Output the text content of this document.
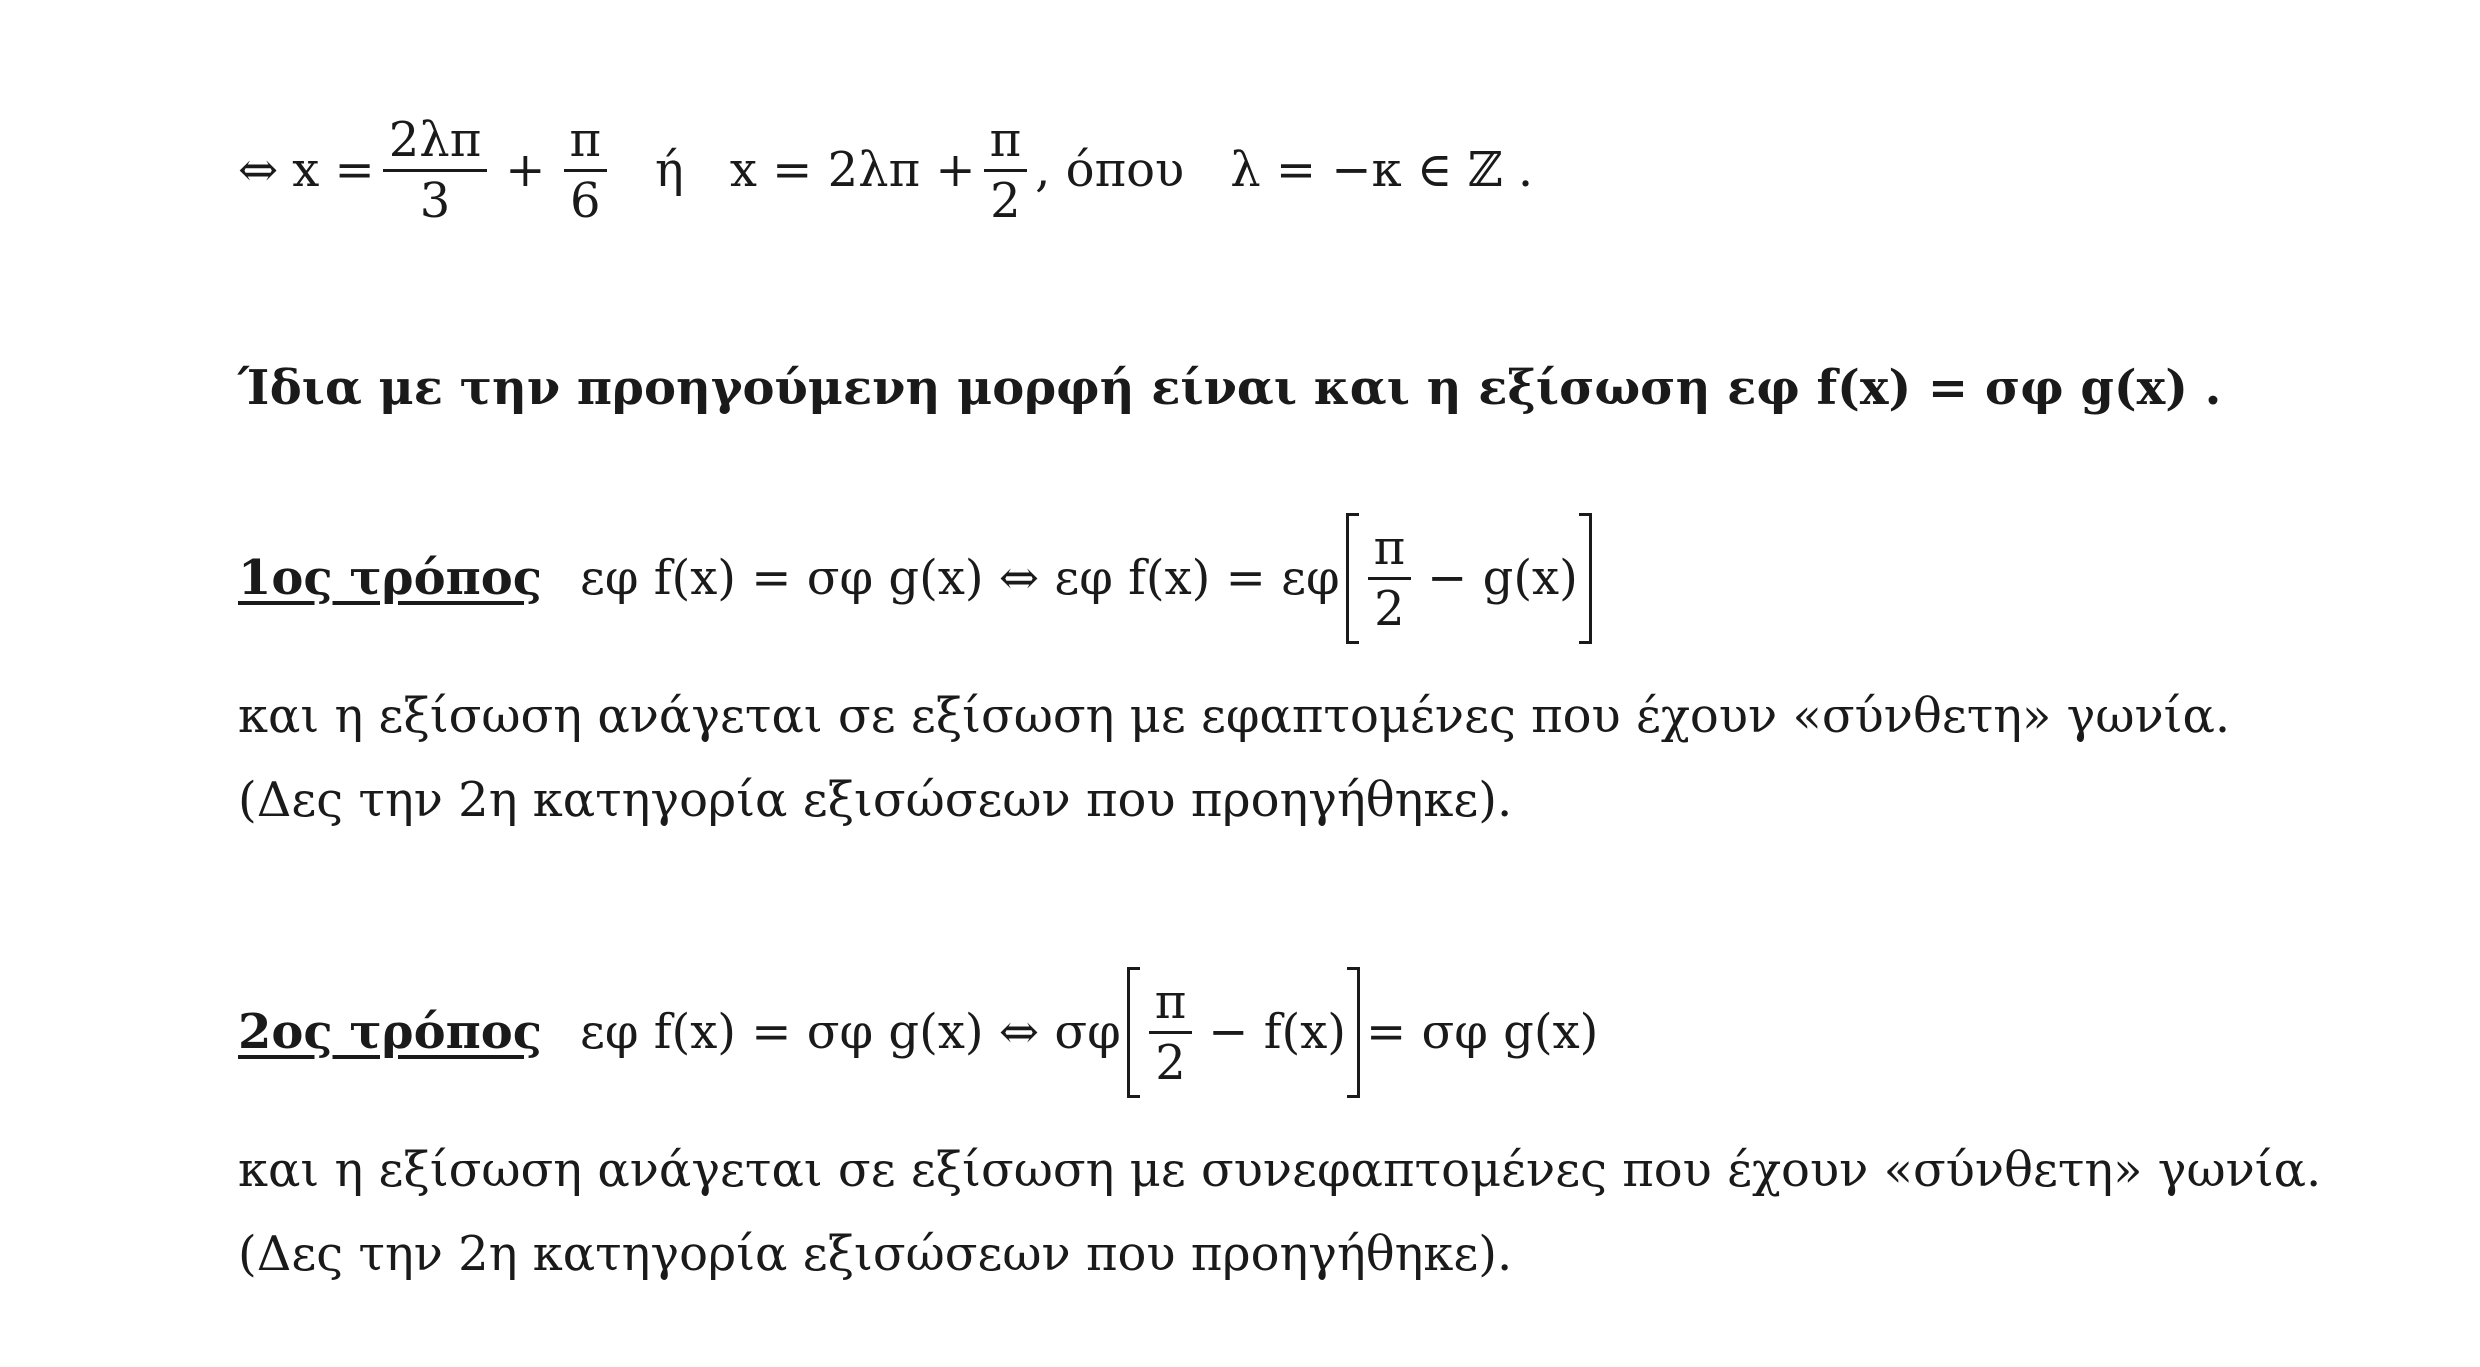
⇔ $x = \frac{2\lambda\pi}{3} + \frac{\pi}{6}$ ή $x = 2\lambda\pi + \frac{\pi}{2}$ , όπου λ = −κ ∈ ℤ .
Ίδια με την προηγούμενη μορφή είναι και η εξίσωση εφ f(x) = σφ g(x) .
1ος τρόπος εφ f(x) = σφ g(x) ⇔ εφ f(x) = εφ $\frac{\pi}{2} - g(x)$
και η εξίσωση ανάγεται σε εξίσωση με εφαπτομένες που έχουν «σύνθετη» γωνία.
(Δες την 2η κατηγορία εξισώσεων που προηγήθηκε).
2ος τρόπος εφ f(x) = σφ g(x) ⇔ σφ $\frac{\pi}{2} - f(x) = \sigma\varphi$ g(x)
και η εξίσωση ανάγεται σε εξίσωση με συνεφαπτομένες που έχουν «σύνθετη» γωνία.
(Δες την 2η κατηγορία εξισώσεων που προηγήθηκε).
